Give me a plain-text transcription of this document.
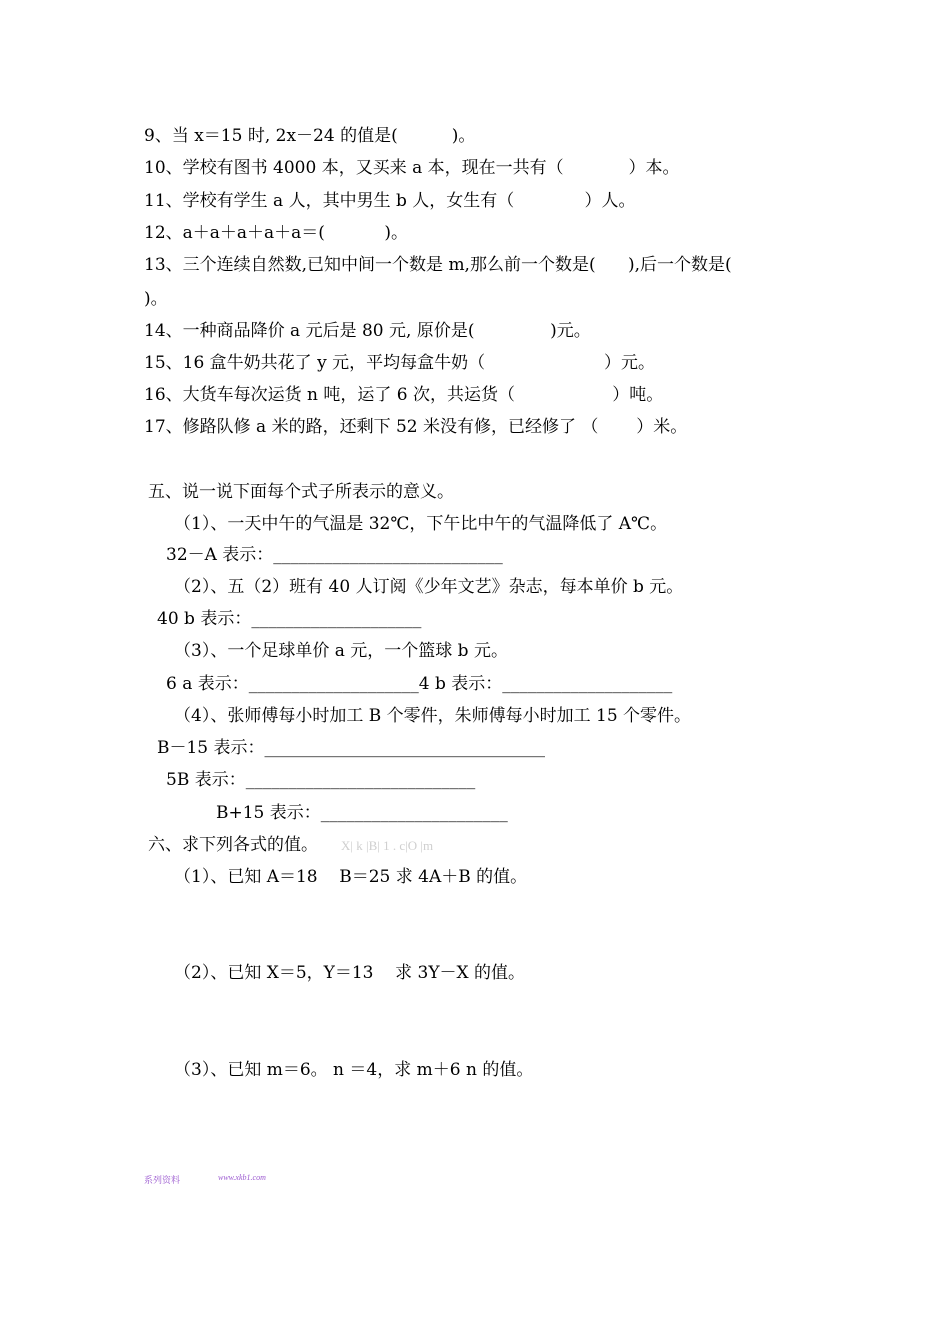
9、当 x＝15 时, 2x－24 的值是(          )。
10、学校有图书 4000 本，又买来 a 本，现在一共有（            ）本。
11、学校有学生 a 人，其中男生 b 人，女生有（             ）人。
12、a＋a＋a＋a＋a＝(           )。
13、三个连续自然数,已知中间一个数是 m,那么前一个数是(      ),后一个数是(
)。
14、一种商品降价 a 元后是 80 元, 原价是(              )元。
15、16 盒牛奶共花了 y 元，平均每盒牛奶（                      ）元。
16、大货车每次运货 n 吨，运了 6 次，共运货（                  ）吨。
17、修路队修 a 米的路，还剩下 52 米没有修，已经修了 （       ）米。
五、说一说下面每个式子所表示的意义。
（1）、一天中午的气温是 32℃，下午比中午的气温降低了 A℃。
32－A 表示：___________________________
（2）、五（2）班有 40 人订阅《少年文艺》杂志，每本单价 b 元。
40 b 表示：____________________
（3）、一个足球单价 a 元，一个篮球 b 元。
6 a 表示：____________________4 b 表示：____________________
（4）、张师傅每小时加工 B 个零件，朱师傅每小时加工 15 个零件。
B－15 表示：_________________________________
5B 表示：___________________________
B+15 表示：______________________
六、求下列各式的值。 X| k |B| 1 . c|O |m
（1）、已知 A＝18    B＝25 求 4A＋B 的值。
（2）、已知 X＝5，Y＝13    求 3Y－X 的值。
（3）、已知 m＝6。 n ＝4，求 m＋6 n 的值。
系列资料	www.xkb1.com
